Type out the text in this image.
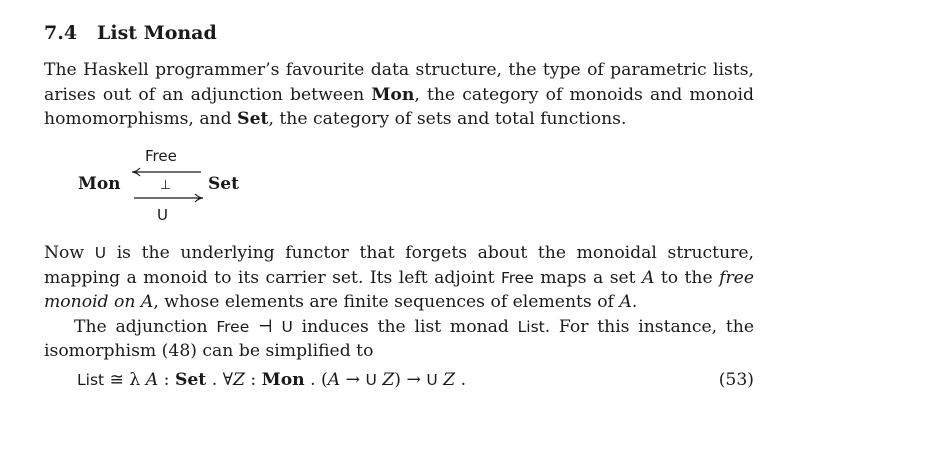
7.4 List Monad
The Haskell programmer’s favourite data structure, the type of parametric lists,
arises out of an adjunction between Mon, the category of monoids and monoid
homomorphisms, and Set, the category of sets and total functions.
Mon	Set
Free
⊥
U
Now U is the underlying functor that forgets about the monoidal structure,
mapping a monoid to its carrier set. Its left adjoint Free maps a set A to the free
monoid on A, whose elements are finite sequences of elements of A.
The adjunction Free ⊣ U induces the list monad List. For this instance, the
isomorphism (48) can be simplified to
List ≅ λ A : Set . ∀Z : Mon . (A → U Z) → U Z .	(53)
